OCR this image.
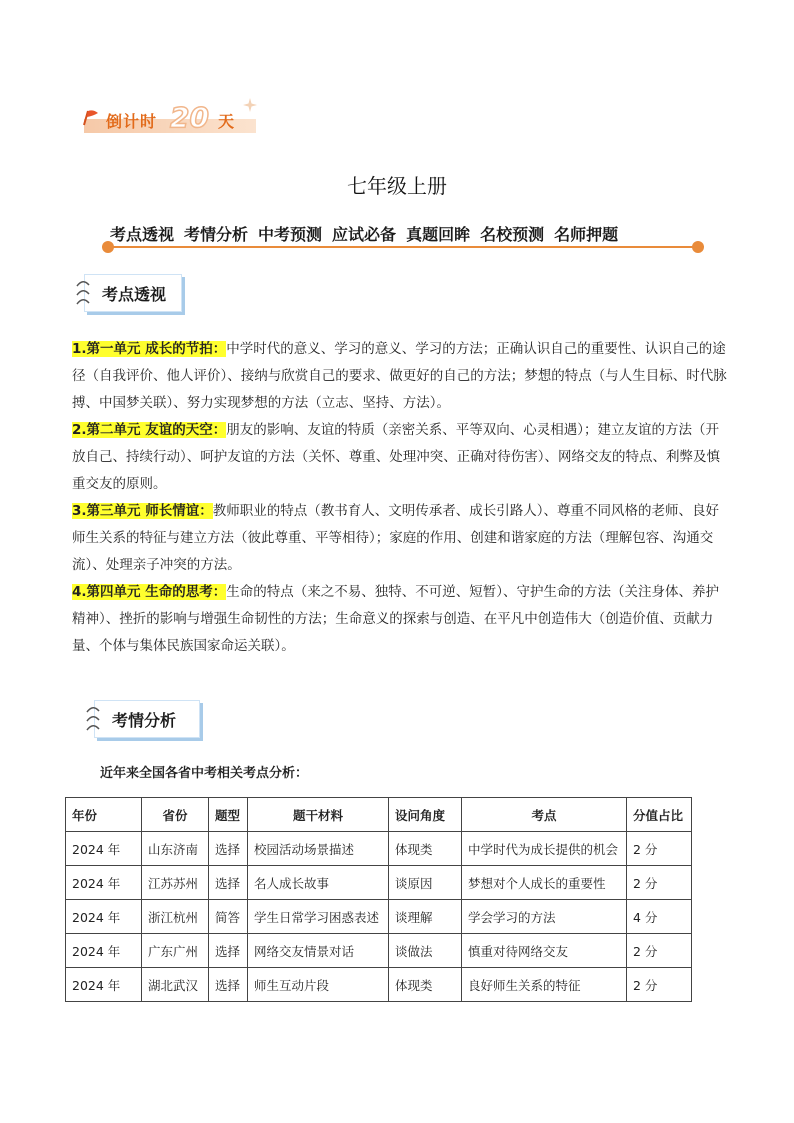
倒计时 20 天
七年级上册
考点透视 考情分析 中考预测 应试必备 真题回眸 名校预测 名师押题
考点透视
1.第一单元 成长的节拍：中学时代的意义、学习的意义、学习的方法；正确认识自己的重要性、认识自己的途径（自我评价、他人评价）、接纳与欣赏自己的要求、做更好的自己的方法；梦想的特点（与人生目标、时代脉搏、中国梦关联）、努力实现梦想的方法（立志、坚持、方法）。
2.第二单元 友谊的天空：朋友的影响、友谊的特质（亲密关系、平等双向、心灵相遇）；建立友谊的方法（开放自己、持续行动）、呵护友谊的方法（关怀、尊重、处理冲突、正确对待伤害）、网络交友的特点、利弊及慎重交友的原则。
3.第三单元 师长情谊：教师职业的特点（教书育人、文明传承者、成长引路人）、尊重不同风格的老师、良好师生关系的特征与建立方法（彼此尊重、平等相待）；家庭的作用、创建和谐家庭的方法（理解包容、沟通交流）、处理亲子冲突的方法。
4.第四单元 生命的思考：生命的特点（来之不易、独特、不可逆、短暂）、守护生命的方法（关注身体、养护精神）、挫折的影响与增强生命韧性的方法；生命意义的探索与创造、在平凡中创造伟大（创造价值、贡献力量、个体与集体民族国家命运关联）。
考情分析
近年来全国各省中考相关考点分析：
年份	省份	题型	题干材料	设问角度	考点	分值占比
2024 年	山东济南	选择	校园活动场景描述	体现类	中学时代为成长提供的机会	2 分
2024 年	江苏苏州	选择	名人成长故事	谈原因	梦想对个人成长的重要性	2 分
2024 年	浙江杭州	简答	学生日常学习困惑表述	谈理解	学会学习的方法	4 分
2024 年	广东广州	选择	网络交友情景对话	谈做法	慎重对待网络交友	2 分
2024 年	湖北武汉	选择	师生互动片段	体现类	良好师生关系的特征	2 分
